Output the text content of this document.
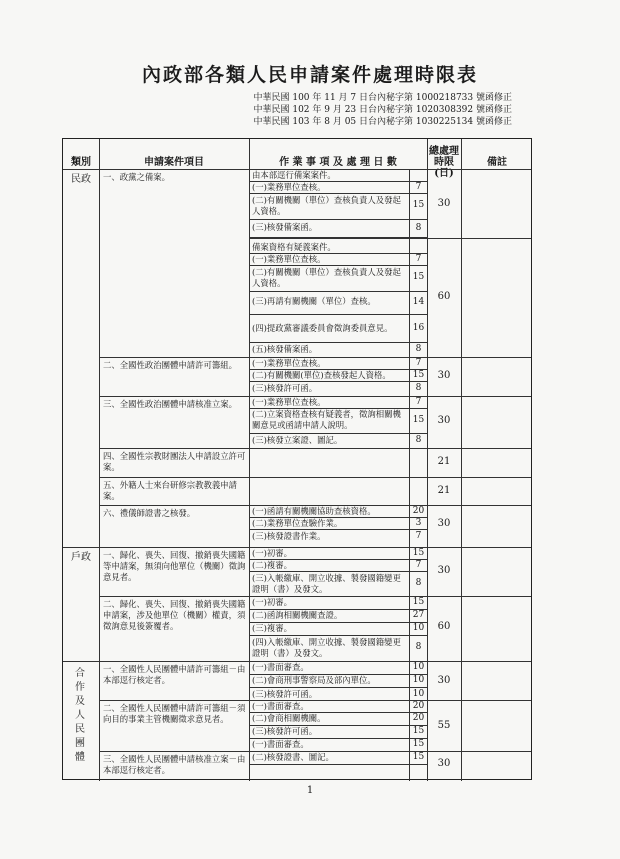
內政部各類人民申請案件處理時限表
中華民國 100 年 11 月 7 日台內秘字第 1000218733 號函修正
中華民國 102 年 9 月 23 日台內秘字第 1020308392 號函修正
中華民國 103 年 8 月 05 日台內秘字第 1030225134 號函修正
類別	申請案件項目	作 業 事 項 及 處 理 日 數
總處理時限(日)
備註
民政
戶政
合作及人民團體
一、政黨之備案。
二、全國性政治團體申請許可籌組。
三、全國性政治團體申請核准立案。
四、全國性宗教財團法人申請設立許可案。
五、外籍人士來台研修宗教教義申請案。
六、禮儀師證書之核發。
一、歸化、喪失、回復、撤銷喪失國籍等申請案，無須向他單位（機關）徵詢意見者。
二、歸化、喪失、回復、撤銷喪失國籍申請案，涉及他單位（機關）權責，須徵詢意見後簽覆者。
一、全國性人民團體申請許可籌組－由本部逕行核定者。
二、全國性人民團體申請許可籌組－須向目的事業主管機關徵求意見者。
三、全國性人民團體申請核准立案－由本部逕行核定者。
由本部逕行備案案件。
(一)業務單位查核。
(二)有關機關（單位）查核負責人及發起人資格。
(三)核發備案函。
備案資格有疑義案件。
(一)業務單位查核。
(二)有關機關（單位）查核負責人及發起人資格。
(三)再請有關機關（單位）查核。
(四)提政黨審議委員會徵詢委員意見。
(五)核發備案函。
(一)業務單位查核。
(二)有關機關(單位)查核發起人資格。
(三)核發許可函。
(一)業務單位查核。
(二)立案資格查核有疑義者，徵詢相關機關意見或函請申請人說明。
(三)核發立案證、圖記。
(一)函請有關機關協助查核資格。
(二)業務單位查驗作業。
(三)核發證書作業。
(一)初審。
(二)複審。
(三)入帳繳庫、開立收據、製發國籍變更證明（書）及發文。
(一)初審。
(二)函詢相關機關查證。
(三)複審。
(四)入帳繳庫、開立收據、製發國籍變更證明（書）及發文。
(一)書面審查。
(二)會商刑事警察局及部內單位。
(三)核發許可函。
(一)書面審查。
(二)會商相關機關。
(三)核發許可函。
(一)書面審查。
(二)核發證書、圖記。
7
15
8
7
15
14
16
8
7
15
8
7
15
8
20
3
7
15
7
8
15
27
10
8
10
10
10
20
20
15
15
15
30
60
30
30
21
21
30
30
60
30
55
30
1
